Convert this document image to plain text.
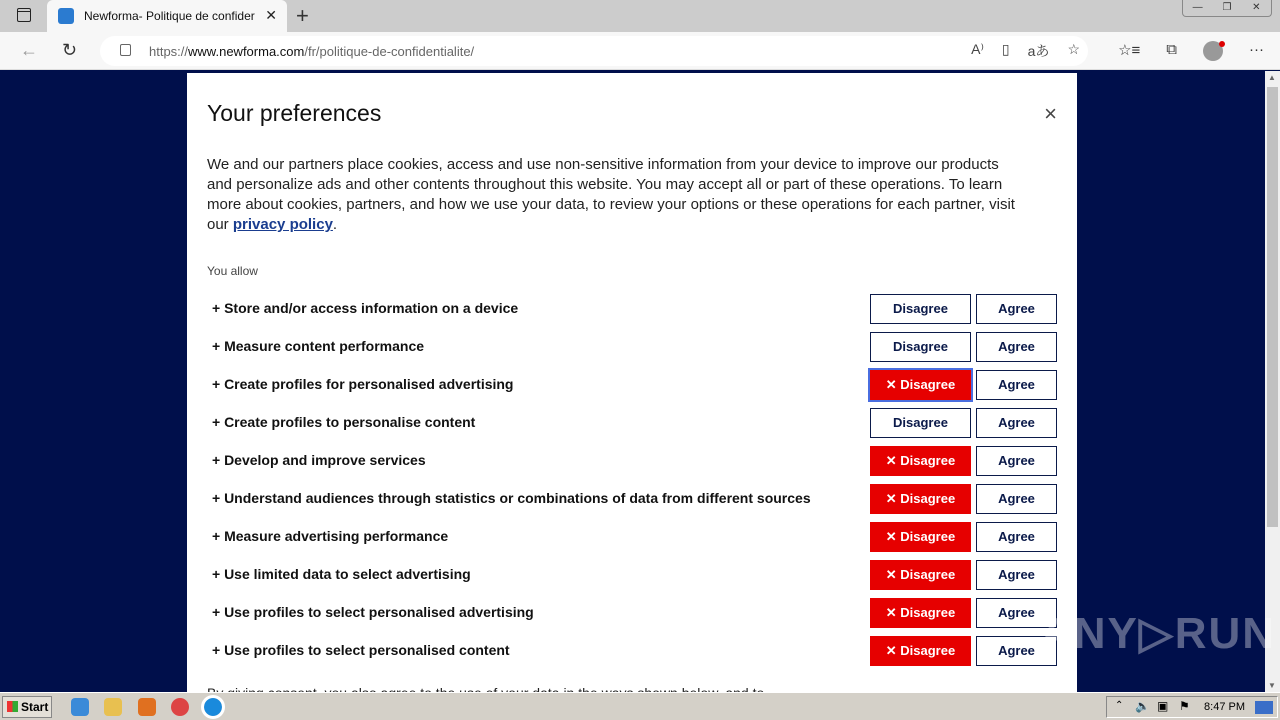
Newforma- Politique de confider ✕ +	—	❐	✕
← ↻	https://www.newforma.com/fr/politique-de-confidentialite/	A⁾ ▯ aあ ☆	☆≡ ⧉	···
▲
▼
Your preferences	×

We and our partners place cookies, access and use non-sensitive information from your device to improve our products and personalize ads and other contents throughout this website. You may accept all or part of these operations. To learn more about cookies, partners, and how we use your data, to review your options or these operations for each partner, visit our privacy policy.

You allow
+ Store and/or access information on a device	Disagree	Agree
+ Measure content performance	Disagree	Agree
+ Create profiles for personalised advertising	✕ Disagree	Agree
+ Create profiles to personalise content	Disagree	Agree
+ Develop and improve services	✕ Disagree	Agree
+ Understand audiences through statistics or combinations of data from different sources	✕ Disagree	Agree
+ Measure advertising performance	✕ Disagree	Agree
+ Use limited data to select advertising	✕ Disagree	Agree
+ Use profiles to select personalised advertising	✕ Disagree	Agree
+ Use profiles to select personalised content	✕ Disagree	Agree ANY▷RUN
Start	⌃ 🔈 ▣ ⚑ 8:47 PM
